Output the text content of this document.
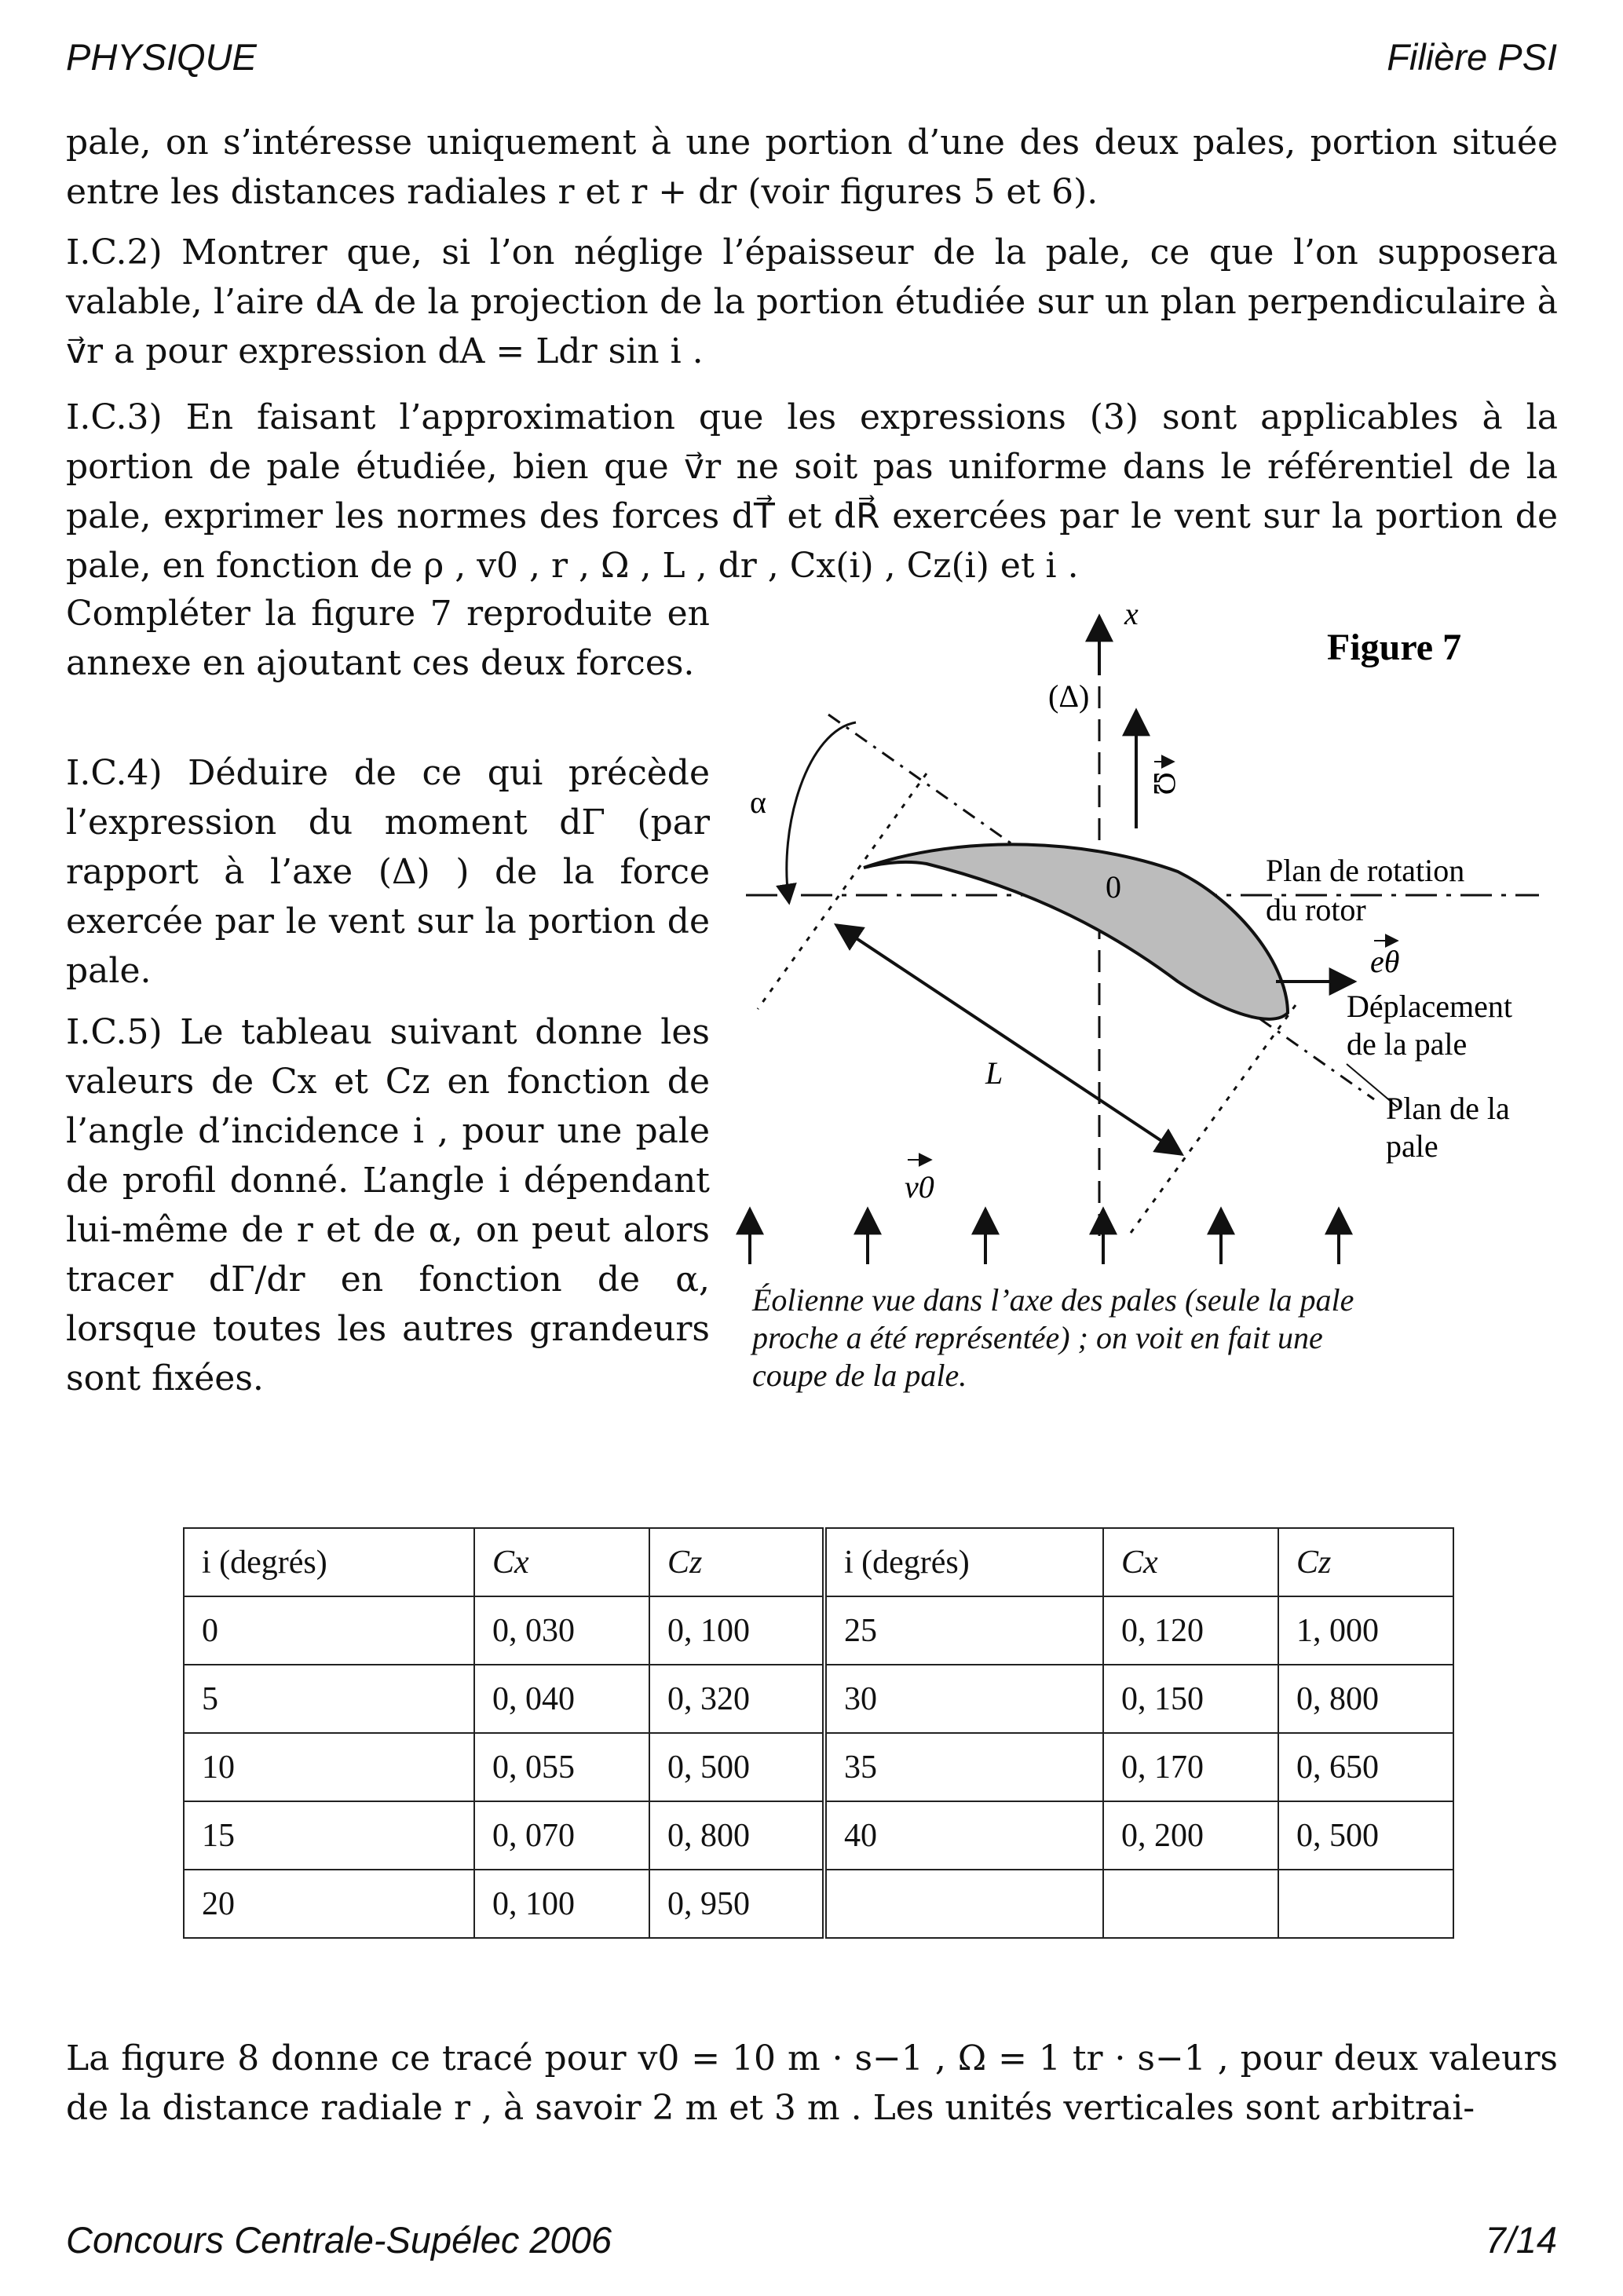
PHYSIQUE	Filière PSI
pale, on s’intéresse uniquement à une portion d’une des deux pales, portion située entre les distances radiales r et r + dr (voir figures 5 et 6).
I.C.2) Montrer que, si l’on néglige l’épaisseur de la pale, ce que l’on supposera valable, l’aire dA de la projection de la portion étudiée sur un plan perpendiculaire à v⃗r a pour expression dA = Ldr sin i .
I.C.3) En faisant l’approximation que les expressions (3) sont applicables à la portion de pale étudiée, bien que v⃗r ne soit pas uniforme dans le référentiel de la pale, exprimer les normes des forces dT⃗ et dR⃗ exercées par le vent sur la portion de pale, en fonction de ρ , v0 , r , Ω , L , dr , Cx(i) , Cz(i) et i .
Compléter la figure 7 reproduite en annexe en ajoutant ces deux forces.
I.C.4) Déduire de ce qui précède l’expression du moment dΓ (par rapport à l’axe (Δ) ) de la force exercée par le vent sur la portion de pale.
I.C.5) Le tableau suivant donne les valeurs de Cx et Cz en fonction de l’angle d’incidence i , pour une pale de profil donné. L’angle i dépendant lui-même de r et de α, on peut alors tracer dΓ/dr en fonction de α, lorsque toutes les autres grandeurs sont fixées.
x
(Δ)
Ω
α
0
L
v0
eθ
Plan de rotation
du rotor
Déplacement
de la pale
Plan de la
pale
Figure 7
Éolienne vue dans l’axe des pales (seule la pale
proche a été représentée) ; on voit en fait une
coupe de la pale.
i (degrés)	Cx	Cz	i (degrés)	Cx	Cz
0	0, 030	0, 100	25	0, 120	1, 000
5	0, 040	0, 320	30	0, 150	0, 800
10	0, 055	0, 500	35	0, 170	0, 650
15	0, 070	0, 800	40	0, 200	0, 500
20	0, 100	0, 950			
La figure 8 donne ce tracé pour v0 = 10 m · s−1 , Ω = 1 tr · s−1 , pour deux valeurs de la distance radiale r , à savoir 2 m et 3 m . Les unités verticales sont arbitrai-
Concours Centrale-Supélec 2006	7/14
